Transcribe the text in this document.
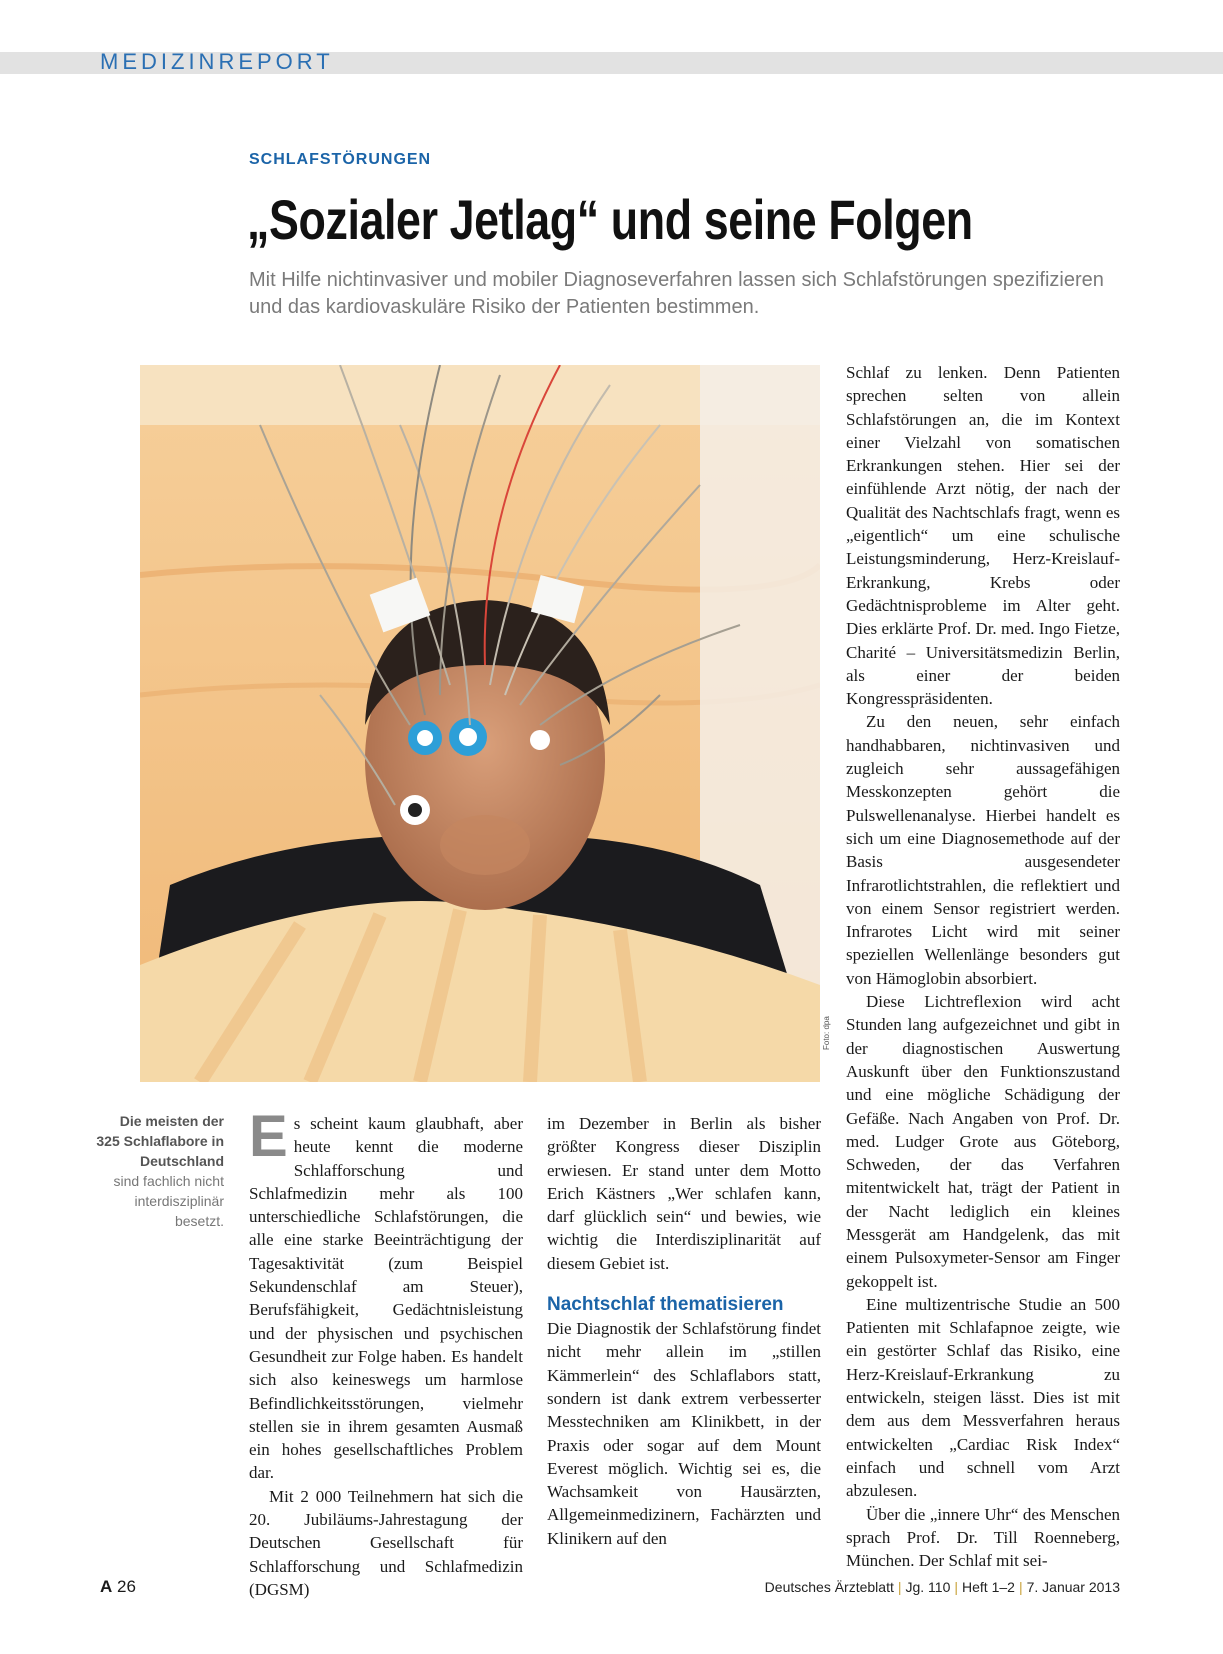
MEDIZINREPORT
SCHLAFSTÖRUNGEN
„Sozialer Jetlag“ und seine Folgen

Mit Hilfe nichtinvasiver und mobiler Diagnoseverfahren lassen sich Schlafstörungen spezifizieren und das kardiovaskuläre Risiko der Patienten bestimmen.

Foto: dpa
Die meisten der 325 Schlaflabore in Deutschland
sind fachlich nicht interdisziplinär besetzt.

Es scheint kaum glaubhaft, aber heute kennt die moderne Schlafforschung und Schlafmedizin mehr als 100 unterschiedliche Schlafstörungen, die alle eine starke Beeinträchtigung der Tagesaktivität (zum Beispiel Sekundenschlaf am Steuer), Berufsfähigkeit, Gedächtnisleistung und der physischen und psychischen Gesundheit zur Folge haben. Es handelt sich also keineswegs um harmlose Befindlichkeitsstörungen, vielmehr stellen sie in ihrem gesamten Ausmaß ein hohes gesellschaftliches Problem dar.

Mit 2 000 Teilnehmern hat sich die 20. Jubiläums-Jahrestagung der Deutschen Gesellschaft für Schlafforschung und Schlafmedizin (DGSM)

im Dezember in Berlin als bisher größter Kongress dieser Disziplin erwiesen. Er stand unter dem Motto Erich Kästners „Wer schlafen kann, darf glücklich sein“ und bewies, wie wichtig die Interdisziplinarität auf diesem Gebiet ist.

Nachtschlaf thematisieren

Die Diagnostik der Schlafstörung findet nicht mehr allein im „stillen Kämmerlein“ des Schlaflabors statt, sondern ist dank extrem verbesserter Messtechniken am Klinikbett, in der Praxis oder sogar auf dem Mount Everest möglich. Wichtig sei es, die Wachsamkeit von Hausärzten, Allgemeinmedizinern, Fachärzten und Klinikern auf den

Schlaf zu lenken. Denn Patienten sprechen selten von allein Schlafstörungen an, die im Kontext einer Vielzahl von somatischen Erkrankungen stehen. Hier sei der einfühlende Arzt nötig, der nach der Qualität des Nachtschlafs fragt, wenn es „eigentlich“ um eine schulische Leistungsminderung, Herz-Kreislauf-Erkrankung, Krebs oder Gedächtnisprobleme im Alter geht. Dies erklärte Prof. Dr. med. Ingo Fietze, Charité – Universitätsmedizin Berlin, als einer der beiden Kongresspräsidenten.

Zu den neuen, sehr einfach handhabbaren, nichtinvasiven und zugleich sehr aussagefähigen Messkonzepten gehört die Pulswellenanalyse. Hierbei handelt es sich um eine Diagnosemethode auf der Basis ausgesendeter Infrarotlichtstrahlen, die reflektiert und von einem Sensor registriert werden. Infrarotes Licht wird mit seiner speziellen Wellenlänge besonders gut von Hämoglobin absorbiert.

Diese Lichtreflexion wird acht Stunden lang aufgezeichnet und gibt in der diagnostischen Auswertung Auskunft über den Funktionszustand und eine mögliche Schädigung der Gefäße. Nach Angaben von Prof. Dr. med. Ludger Grote aus Göteborg, Schweden, der das Verfahren mitentwickelt hat, trägt der Patient in der Nacht lediglich ein kleines Messgerät am Handgelenk, das mit einem Pulsoxymeter-Sensor am Finger gekoppelt ist.

Eine multizentrische Studie an 500 Patienten mit Schlafapnoe zeigte, wie ein gestörter Schlaf das Risiko, eine Herz-Kreislauf-Erkrankung zu entwickeln, steigen lässt. Dies ist mit dem aus dem Messverfahren heraus entwickelten „Cardiac Risk Index“ einfach und schnell vom Arzt abzulesen.

Über die „innere Uhr“ des Menschen sprach Prof. Dr. Till Roenneberg, München. Der Schlaf mit sei-

A 26	Deutsches Ärzteblatt | Jg. 110 | Heft 1–2 | 7. Januar 2013
